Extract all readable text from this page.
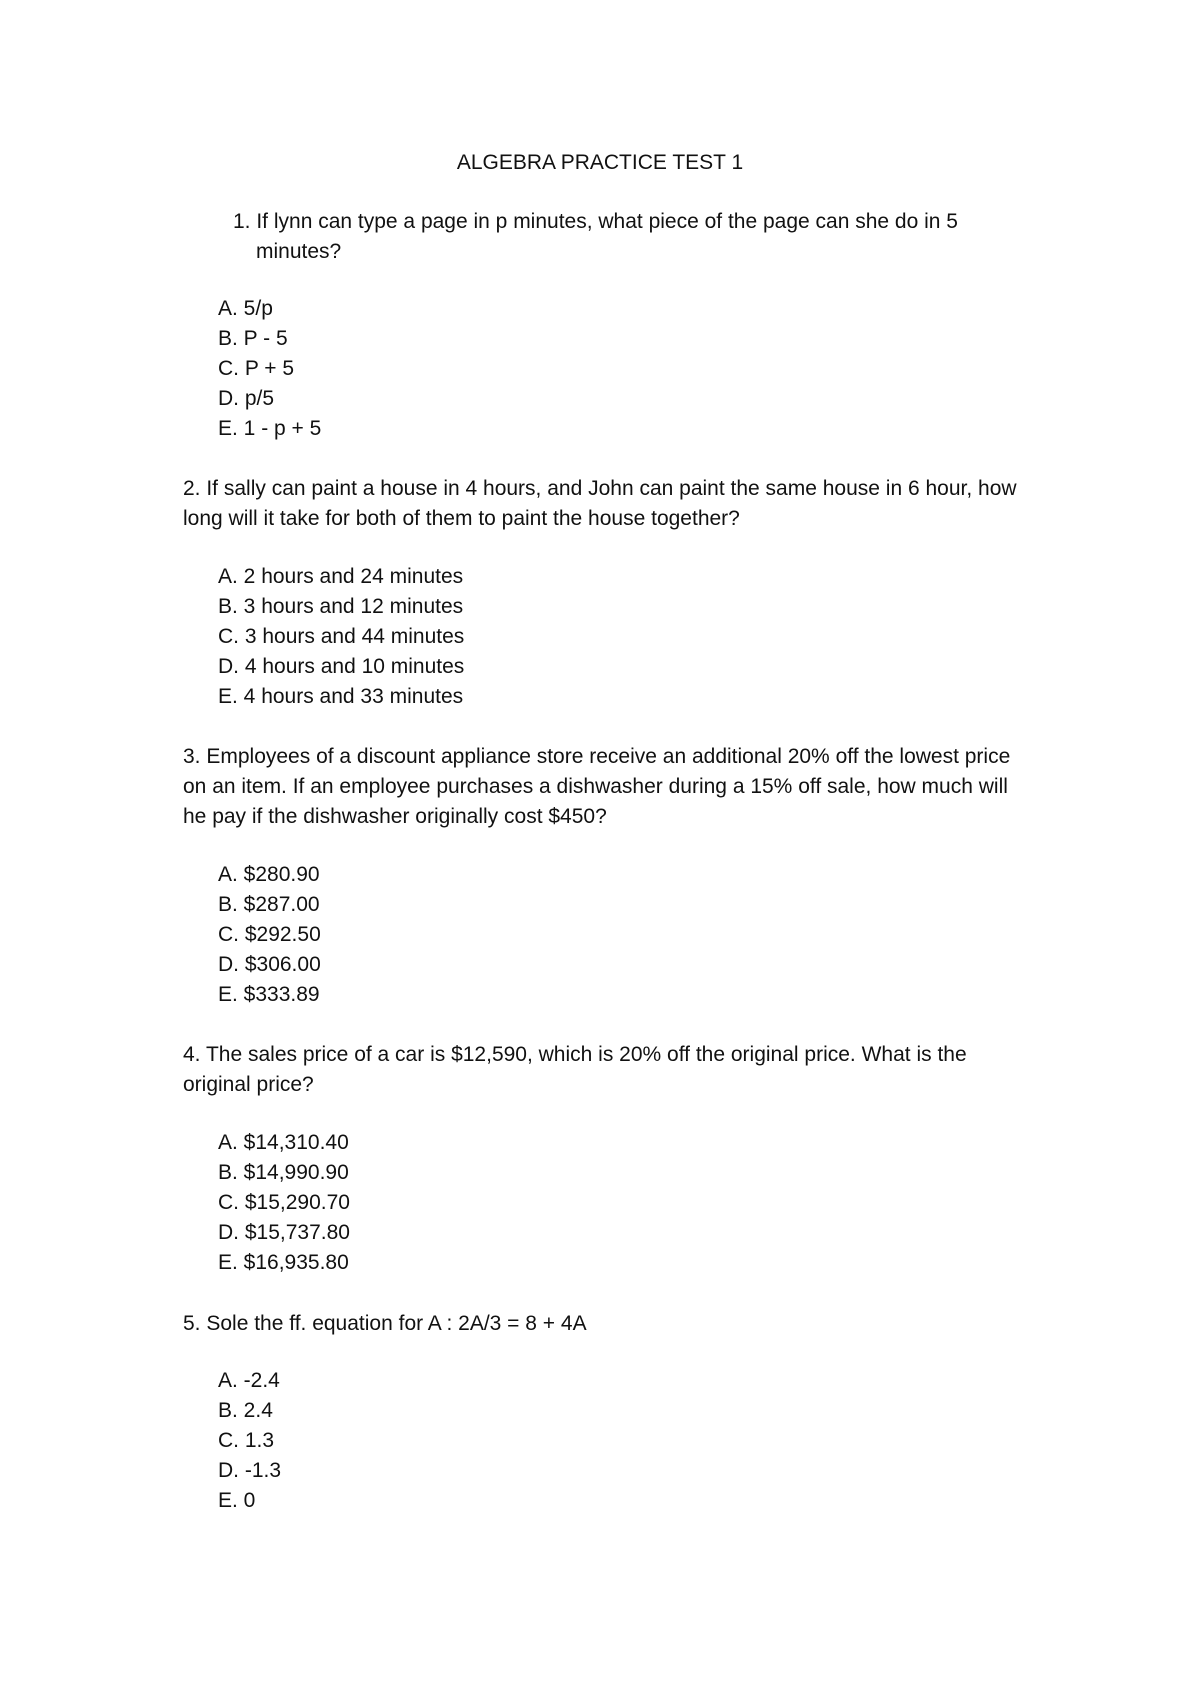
ALGEBRA PRACTICE TEST 1
1. If lynn can type a page in p minutes, what piece of the page can she do in 5 minutes?
A. 5/p
B. P - 5
C. P + 5
D. p/5
E. 1 - p + 5
2. If sally can paint a house in 4 hours, and John can paint the same house in 6 hour, how long will it take for both of them to paint the house together?
A. 2 hours and 24 minutes
B. 3 hours and 12 minutes
C. 3 hours and 44 minutes
D. 4 hours and 10 minutes
E. 4 hours and 33 minutes
3. Employees of a discount appliance store receive an additional 20% off the lowest price on an item. If an employee purchases a dishwasher during a 15% off sale, how much will he pay if the dishwasher originally cost $450?
A. $280.90
B. $287.00
C. $292.50
D. $306.00
E. $333.89
4. The sales price of a car is $12,590, which is 20% off the original price. What is the original price?
A. $14,310.40
B. $14,990.90
C. $15,290.70
D. $15,737.80
E. $16,935.80
5. Sole the ff. equation for A : 2A/3 = 8 + 4A
A. -2.4
B. 2.4
C. 1.3
D. -1.3
E. 0
